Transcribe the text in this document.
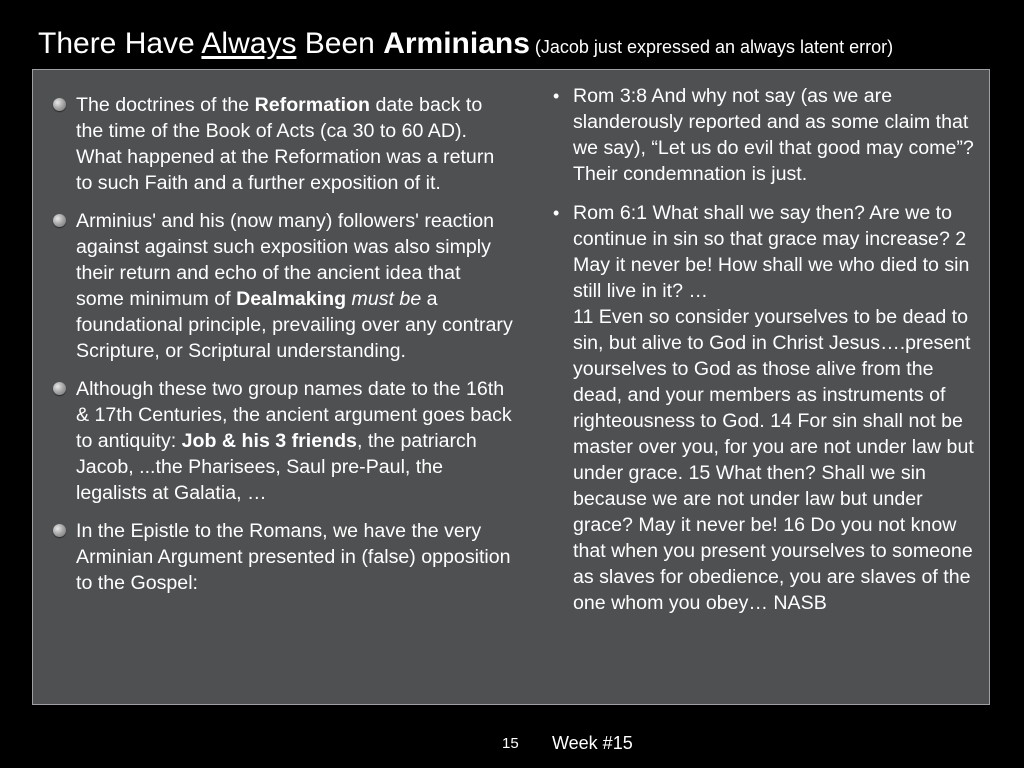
There Have Always Been Arminians (Jacob just expressed an always latent error)
The doctrines of the Reformation date back to the time of the Book of Acts (ca 30 to 60 AD). What happened at the Reformation was a return to such Faith and a further exposition of it.
Arminius' and his (now many) followers' reaction against against such exposition was also simply their return and echo of the ancient idea that some minimum of Dealmaking must be a foundational principle, prevailing over any contrary Scripture, or Scriptural understanding.
Although these two group names date to the 16th & 17th Centuries, the ancient argument goes back to antiquity: Job & his 3 friends, the patriarch Jacob, ...the Pharisees, Saul pre-Paul, the legalists at Galatia, …
In the Epistle to the Romans, we have the very Arminian Argument presented in (false) opposition to the Gospel:
• Rom 3:8 And why not say (as we are slanderously reported and as some claim that we say), “Let us do evil that good may come”? Their condemnation is just.
• Rom 6:1 What shall we say then? Are we to continue in sin so that grace may increase? 2 May it never be! How shall we who died to sin still live in it? …
11 Even so consider yourselves to be dead to sin, but alive to God in Christ Jesus….present yourselves to God as those alive from the dead, and your members as instruments of righteousness to God. 14 For sin shall not be master over you, for you are not under law but under grace. 15 What then? Shall we sin because we are not under law but under grace? May it never be! 16 Do you not know that when you present yourselves to someone as slaves for obedience, you are slaves of the one whom you obey… NASB
15 Week #15
